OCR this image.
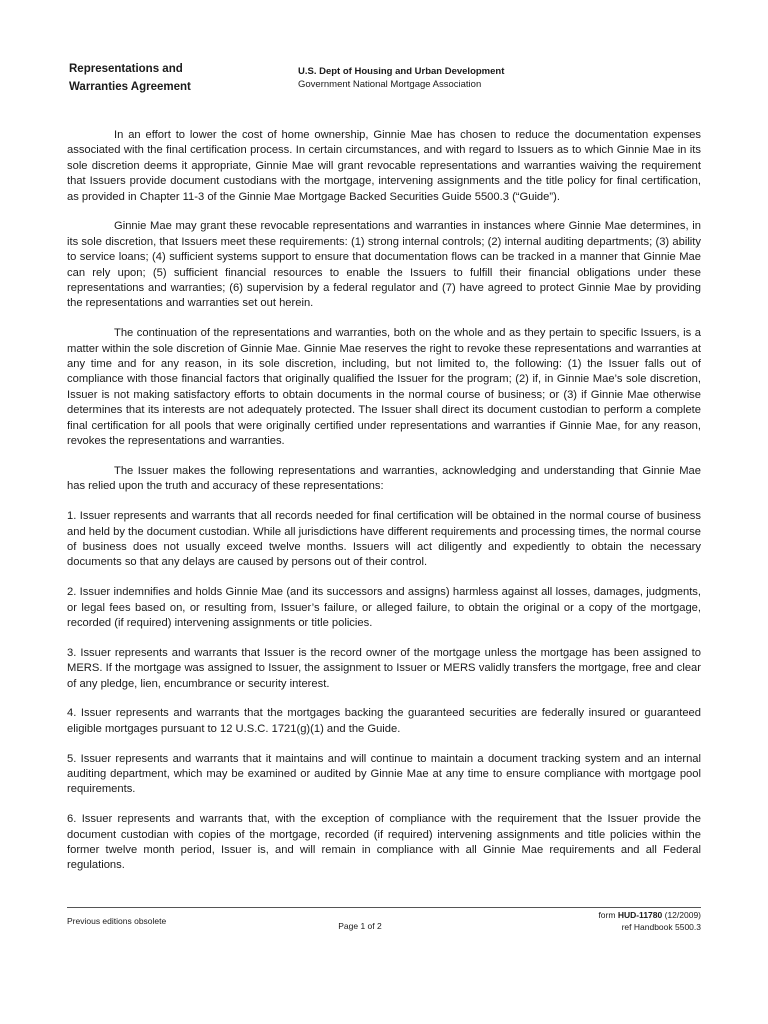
Representations and
Warranties Agreement
U.S. Dept of Housing and Urban Development
Government National Mortgage Association

In an effort to lower the cost of home ownership, Ginnie Mae has chosen to reduce the documentation expenses associated with the final certification process. In certain circumstances, and with regard to Issuers as to which Ginnie Mae in its sole discretion deems it appropriate, Ginnie Mae will grant revocable representations and warranties waiving the requirement that Issuers provide document custodians with the mortgage, intervening assignments and the title policy for final certification, as provided in Chapter 11-3 of the Ginnie Mae Mortgage Backed Securities Guide 5500.3 (“Guide”).

Ginnie Mae may grant these revocable representations and warranties in instances where Ginnie Mae determines, in its sole discretion, that Issuers meet these requirements: (1) strong internal controls; (2) internal auditing departments; (3) ability to service loans; (4) sufficient systems support to ensure that documentation flows can be tracked in a manner that Ginnie Mae can rely upon; (5) sufficient financial resources to enable the Issuers to fulfill their financial obligations under these representations and warranties; (6) supervision by a federal regulator and (7) have agreed to protect Ginnie Mae by providing the representations and warranties set out herein.

The continuation of the representations and warranties, both on the whole and as they pertain to specific Issuers, is a matter within the sole discretion of Ginnie Mae. Ginnie Mae reserves the right to revoke these representations and warranties at any time and for any reason, in its sole discretion, including, but not limited to, the following: (1) the Issuer falls out of compliance with those financial factors that originally qualified the Issuer for the program; (2) if, in Ginnie Mae’s sole discretion, Issuer is not making satisfactory efforts to obtain documents in the normal course of business; or (3) if Ginnie Mae otherwise determines that its interests are not adequately protected. The Issuer shall direct its document custodian to perform a complete final certification for all pools that were originally certified under representations and warranties if Ginnie Mae, for any reason, revokes the representations and warranties.

The Issuer makes the following representations and warranties, acknowledging and understanding that Ginnie Mae has relied upon the truth and accuracy of these representations:

1. Issuer represents and warrants that all records needed for final certification will be obtained in the normal course of business and held by the document custodian. While all jurisdictions have different requirements and processing times, the normal course of business does not usually exceed twelve months. Issuers will act diligently and expediently to obtain the necessary documents so that any delays are caused by persons out of their control.

2. Issuer indemnifies and holds Ginnie Mae (and its successors and assigns) harmless against all losses, damages, judgments, or legal fees based on, or resulting from, Issuer’s failure, or alleged failure, to obtain the original or a copy of the mortgage, recorded (if required) intervening assignments or title policies.

3. Issuer represents and warrants that Issuer is the record owner of the mortgage unless the mortgage has been assigned to MERS. If the mortgage was assigned to Issuer, the assignment to Issuer or MERS validly transfers the mortgage, free and clear of any pledge, lien, encumbrance or security interest.

4. Issuer represents and warrants that the mortgages backing the guaranteed securities are federally insured or guaranteed eligible mortgages pursuant to 12 U.S.C. 1721(g)(1) and the Guide.

5. Issuer represents and warrants that it maintains and will continue to maintain a document tracking system and an internal auditing department, which may be examined or audited by Ginnie Mae at any time to ensure compliance with mortgage pool requirements.

6. Issuer represents and warrants that, with the exception of compliance with the requirement that the Issuer provide the document custodian with copies of the mortgage, recorded (if required) intervening assignments and title policies within the former twelve month period, Issuer is, and will remain in compliance with all Ginnie Mae requirements and all Federal regulations.

Previous editions obsolete	Page 1 of 2
form HUD-11780 (12/2009)
ref Handbook 5500.3
